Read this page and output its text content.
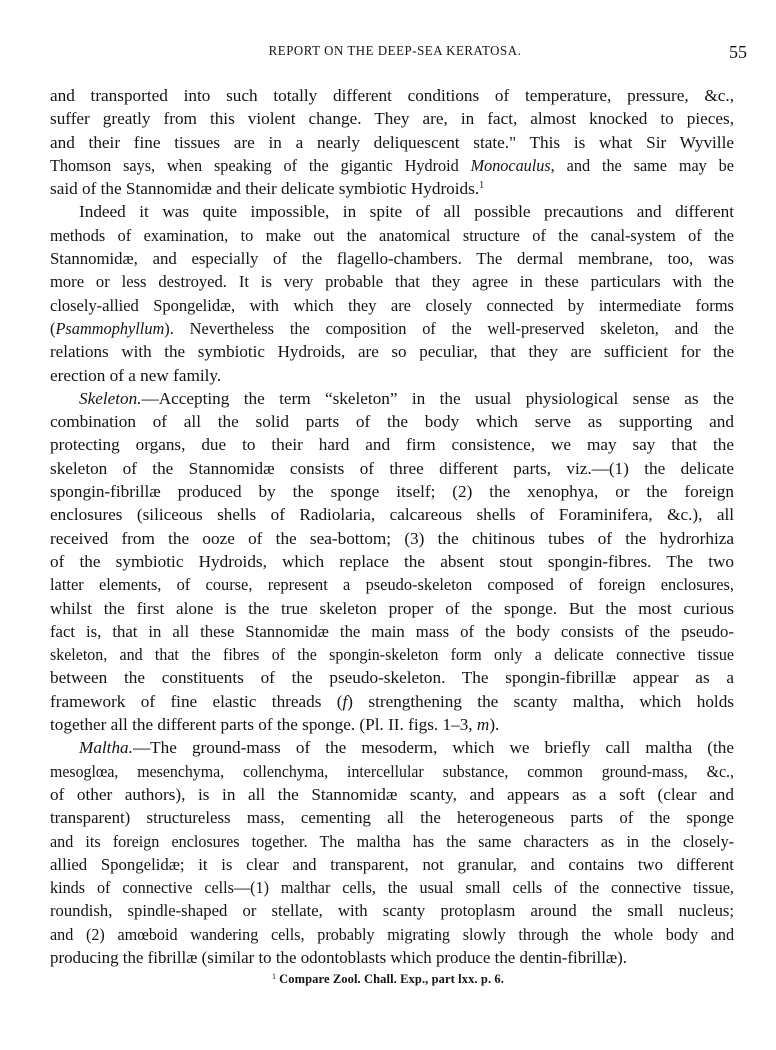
REPORT ON THE DEEP-SEA KERATOSA.	55
and transported into such totally different conditions of temperature, pressure, &c.,
suffer greatly from this violent change. They are, in fact, almost knocked to pieces,
and their fine tissues are in a nearly deliquescent state." This is what Sir Wyville
Thomson says, when speaking of the gigantic Hydroid Monocaulus, and the same may be
said of the Stannomidæ and their delicate symbiotic Hydroids.$^1$
Indeed it was quite impossible, in spite of all possible precautions and different
methods of examination, to make out the anatomical structure of the canal-system of the
Stannomidæ, and especially of the flagello-chambers. The dermal membrane, too, was
more or less destroyed. It is very probable that they agree in these particulars with the
closely-allied Spongelidæ, with which they are closely connected by intermediate forms
(Psammophyllum). Nevertheless the composition of the well-preserved skeleton, and the
relations with the symbiotic Hydroids, are so peculiar, that they are sufficient for the
erection of a new family.
Skeleton.—Accepting the term “skeleton” in the usual physiological sense as the
combination of all the solid parts of the body which serve as supporting and
protecting organs, due to their hard and firm consistence, we may say that the
skeleton of the Stannomidæ consists of three different parts, viz.—(1) the delicate
spongin-fibrillæ produced by the sponge itself; (2) the xenophya, or the foreign
enclosures (siliceous shells of Radiolaria, calcareous shells of Foraminifera, &c.), all
received from the ooze of the sea-bottom; (3) the chitinous tubes of the hydrorhiza
of the symbiotic Hydroids, which replace the absent stout spongin-fibres. The two
latter elements, of course, represent a pseudo-skeleton composed of foreign enclosures,
whilst the first alone is the true skeleton proper of the sponge. But the most curious
fact is, that in all these Stannomidæ the main mass of the body consists of the pseudo-
skeleton, and that the fibres of the spongin-skeleton form only a delicate connective tissue
between the constituents of the pseudo-skeleton. The spongin-fibrillæ appear as a
framework of fine elastic threads (f) strengthening the scanty maltha, which holds
together all the different parts of the sponge. (Pl. II. figs. 1–3, m).
Maltha.—The ground-mass of the mesoderm, which we briefly call maltha (the
mesoglœa, mesenchyma, collenchyma, intercellular substance, common ground-mass, &c.,
of other authors), is in all the Stannomidæ scanty, and appears as a soft (clear and
transparent) structureless mass, cementing all the heterogeneous parts of the sponge
and its foreign enclosures together. The maltha has the same characters as in the closely-
allied Spongelidæ; it is clear and transparent, not granular, and contains two different
kinds of connective cells—(1) malthar cells, the usual small cells of the connective tissue,
roundish, spindle-shaped or stellate, with scanty protoplasm around the small nucleus;
and (2) amœboid wandering cells, probably migrating slowly through the whole body and
producing the fibrillæ (similar to the odontoblasts which produce the dentin-fibrillæ).
$^1$ Compare Zool. Chall. Exp., part lxx. p. 6.
